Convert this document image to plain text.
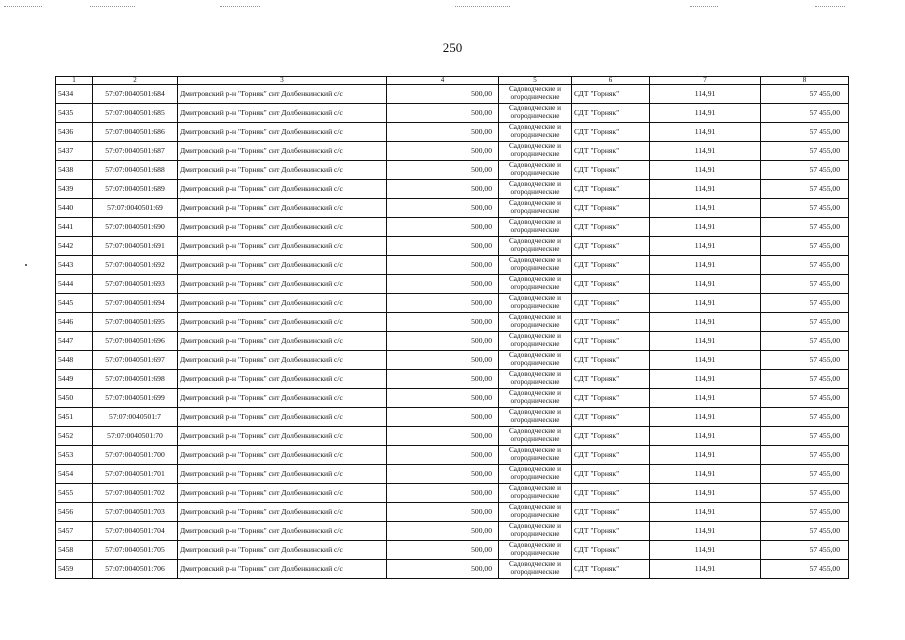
250
1	2	3	4	5	6	7	8
5434	57:07:0040501:684	Дмитровский р-н "Горняк" снт Долбенкинский с/с	500,00	Садоводческие и огороднические	СДТ "Горняк"	114,91	57 455,00
5435	57:07:0040501:685	Дмитровский р-н "Горняк" снт Долбенкинский с/с	500,00	Садоводческие и огороднические	СДТ "Горняк"	114,91	57 455,00
5436	57:07:0040501:686	Дмитровский р-н "Горняк" снт Долбенкинский с/с	500,00	Садоводческие и огороднические	СДТ "Горняк"	114,91	57 455,00
5437	57:07:0040501:687	Дмитровский р-н "Горняк" снт Долбенкинский с/с	500,00	Садоводческие и огороднические	СДТ "Горняк"	114,91	57 455,00
5438	57:07:0040501:688	Дмитровский р-н "Горняк" снт Долбенкинский с/с	500,00	Садоводческие и огороднические	СДТ "Горняк"	114,91	57 455,00
5439	57:07:0040501:689	Дмитровский р-н "Горняк" снт Долбенкинский с/с	500,00	Садоводческие и огороднические	СДТ "Горняк"	114,91	57 455,00
5440	57:07:0040501:69	Дмитровский р-н "Горняк" снт Долбенкинский с/с	500,00	Садоводческие и огороднические	СДТ "Горняк"	114,91	57 455,00
5441	57:07:0040501:690	Дмитровский р-н "Горняк" снт Долбенкинский с/с	500,00	Садоводческие и огороднические	СДТ "Горняк"	114,91	57 455,00
5442	57:07:0040501:691	Дмитровский р-н "Горняк" снт Долбенкинский с/с	500,00	Садоводческие и огороднические	СДТ "Горняк"	114,91	57 455,00
5443	57:07:0040501:692	Дмитровский р-н "Горняк" снт Долбенкинский с/с	500,00	Садоводческие и огороднические	СДТ "Горняк"	114,91	57 455,00
5444	57:07:0040501:693	Дмитровский р-н "Горняк" снт Долбенкинский с/с	500,00	Садоводческие и огороднические	СДТ "Горняк"	114,91	57 455,00
5445	57:07:0040501:694	Дмитровский р-н "Горняк" снт Долбенкинский с/с	500,00	Садоводческие и огороднические	СДТ "Горняк"	114,91	57 455,00
5446	57:07:0040501:695	Дмитровский р-н "Горняк" снт Долбенкинский с/с	500,00	Садоводческие и огороднические	СДТ "Горняк"	114,91	57 455,00
5447	57:07:0040501:696	Дмитровский р-н "Горняк" снт Долбенкинский с/с	500,00	Садоводческие и огороднические	СДТ "Горняк"	114,91	57 455,00
5448	57:07:0040501:697	Дмитровский р-н "Горняк" снт Долбенкинский с/с	500,00	Садоводческие и огороднические	СДТ "Горняк"	114,91	57 455,00
5449	57:07:0040501:698	Дмитровский р-н "Горняк" снт Долбенкинский с/с	500,00	Садоводческие и огороднические	СДТ "Горняк"	114,91	57 455,00
5450	57:07:0040501:699	Дмитровский р-н "Горняк" снт Долбенкинский с/с	500,00	Садоводческие и огороднические	СДТ "Горняк"	114,91	57 455,00
5451	57:07:0040501:7	Дмитровский р-н "Горняк" снт Долбенкинский с/с	500,00	Садоводческие и огороднические	СДТ "Горняк"	114,91	57 455,00
5452	57:07:0040501:70	Дмитровский р-н "Горняк" снт Долбенкинский с/с	500,00	Садоводческие и огороднические	СДТ "Горняк"	114,91	57 455,00
5453	57:07:0040501:700	Дмитровский р-н "Горняк" снт Долбенкинский с/с	500,00	Садоводческие и огороднические	СДТ "Горняк"	114,91	57 455,00
5454	57:07:0040501:701	Дмитровский р-н "Горняк" снт Долбенкинский с/с	500,00	Садоводческие и огороднические	СДТ "Горняк"	114,91	57 455,00
5455	57:07:0040501:702	Дмитровский р-н "Горняк" снт Долбенкинский с/с	500,00	Садоводческие и огороднические	СДТ "Горняк"	114,91	57 455,00
5456	57:07:0040501:703	Дмитровский р-н "Горняк" снт Долбенкинский с/с	500,00	Садоводческие и огороднические	СДТ "Горняк"	114,91	57 455,00
5457	57:07:0040501:704	Дмитровский р-н "Горняк" снт Долбенкинский с/с	500,00	Садоводческие и огороднические	СДТ "Горняк"	114,91	57 455,00
5458	57:07:0040501:705	Дмитровский р-н "Горняк" снт Долбенкинский с/с	500,00	Садоводческие и огороднические	СДТ "Горняк"	114,91	57 455,00
5459	57:07:0040501:706	Дмитровский р-н "Горняк" снт Долбенкинский с/с	500,00	Садоводческие и огороднические	СДТ "Горняк"	114,91	57 455,00
